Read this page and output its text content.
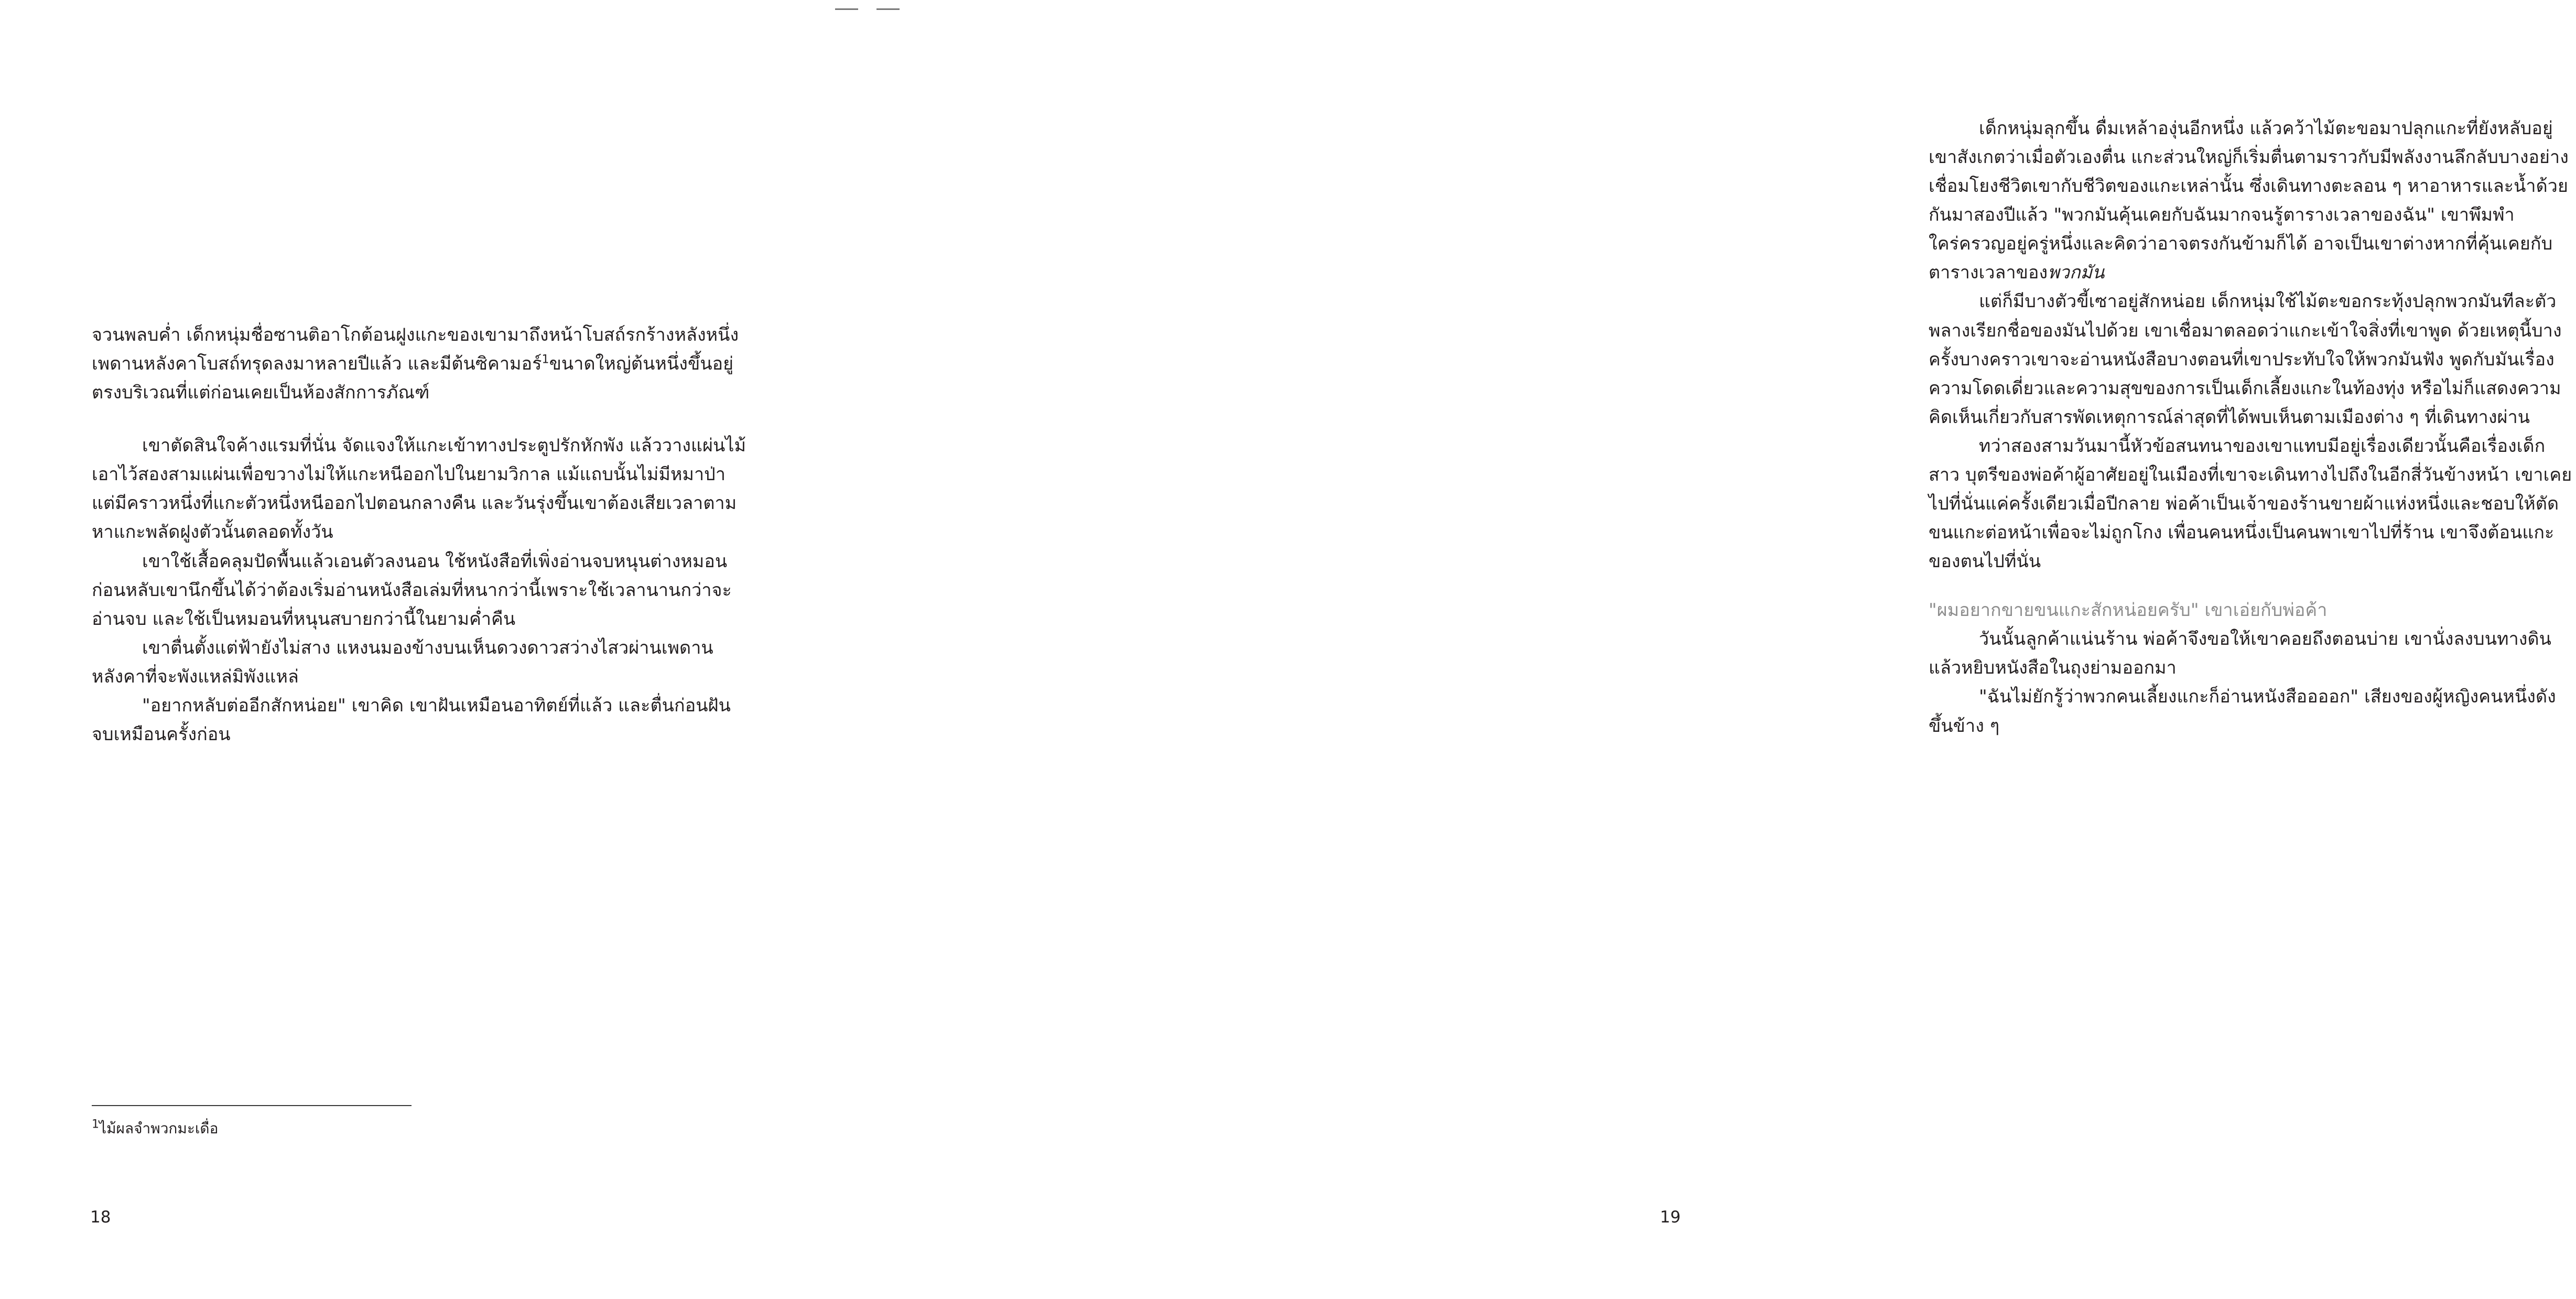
จวนพลบค่ำ เด็กหนุ่มชื่อซานติอาโกต้อนฝูงแกะของเขามาถึงหน้าโบสถ์รกร้างหลังหนึ่ง เพดานหลังคาโบสถ์ทรุดลงมาหลายปีแล้ว และมีต้นซิคามอร์$^1$ขนาดใหญ่ต้นหนึ่งขึ้นอยู่ตรงบริเวณที่แต่ก่อนเคยเป็นห้องสักการภัณฑ์

เขาตัดสินใจค้างแรมที่นั่น จัดแจงให้แกะเข้าทางประตูปรักหักพัง แล้ววางแผ่นไม้เอาไว้สองสามแผ่นเพื่อขวางไม่ให้แกะหนีออกไปในยามวิกาล แม้แถบนั้นไม่มีหมาป่า แต่มีคราวหนึ่งที่แกะตัวหนึ่งหนีออกไปตอนกลางคืน และวันรุ่งขึ้นเขาต้องเสียเวลาตามหาแกะพลัดฝูงตัวนั้นตลอดทั้งวัน

เขาใช้เสื้อคลุมปัดพื้นแล้วเอนตัวลงนอน ใช้หนังสือที่เพิ่งอ่านจบหนุนต่างหมอน ก่อนหลับเขานึกขึ้นได้ว่าต้องเริ่มอ่านหนังสือเล่มที่หนากว่านี้เพราะใช้เวลานานกว่าจะอ่านจบ และใช้เป็นหมอนที่หนุนสบายกว่านี้ในยามค่ำคืน

เขาตื่นตั้งแต่ฟ้ายังไม่สาง แหงนมองข้างบนเห็นดวงดาวสว่างไสวผ่านเพดานหลังคาที่จะพังแหล่มิพังแหล่

"อยากหลับต่ออีกสักหน่อย" เขาคิด เขาฝันเหมือนอาทิตย์ที่แล้ว และตื่นก่อนฝันจบเหมือนครั้งก่อน

$^1$ไม้ผลจำพวกมะเดื่อ
18

เด็กหนุ่มลุกขึ้น ดื่มเหล้าองุ่นอีกหนึ่ง แล้วคว้าไม้ตะขอมาปลุกแกะที่ยังหลับอยู่ เขาสังเกตว่าเมื่อตัวเองตื่น แกะส่วนใหญ่ก็เริ่มตื่นตามราวกับมีพลังงานลึกลับบางอย่างเชื่อมโยงชีวิตเขากับชีวิตของแกะเหล่านั้น ซึ่งเดินทางตะลอน ๆ หาอาหารและน้ำด้วยกันมาสองปีแล้ว "พวกมันคุ้นเคยกับฉันมากจนรู้ตารางเวลาของฉัน" เขาพึมพำ ใคร่ครวญอยู่ครู่หนึ่งและคิดว่าอาจตรงกันข้ามก็ได้ อาจเป็นเขาต่างหากที่คุ้นเคยกับตารางเวลาของพวกมัน

แต่ก็มีบางตัวขี้เซาอยู่สักหน่อย เด็กหนุ่มใช้ไม้ตะขอกระทุ้งปลุกพวกมันทีละตัวพลางเรียกชื่อของมันไปด้วย เขาเชื่อมาตลอดว่าแกะเข้าใจสิ่งที่เขาพูด ด้วยเหตุนี้บางครั้งบางคราวเขาจะอ่านหนังสือบางตอนที่เขาประทับใจให้พวกมันฟัง พูดกับมันเรื่องความโดดเดี่ยวและความสุขของการเป็นเด็กเลี้ยงแกะในท้องทุ่ง หรือไม่ก็แสดงความคิดเห็นเกี่ยวกับสารพัดเหตุการณ์ล่าสุดที่ได้พบเห็นตามเมืองต่าง ๆ ที่เดินทางผ่าน

ทว่าสองสามวันมานี้หัวข้อสนทนาของเขาแทบมีอยู่เรื่องเดียวนั้นคือเรื่องเด็กสาว บุตรีของพ่อค้าผู้อาศัยอยู่ในเมืองที่เขาจะเดินทางไปถึงในอีกสี่วันข้างหน้า เขาเคยไปที่นั่นแค่ครั้งเดียวเมื่อปีกลาย พ่อค้าเป็นเจ้าของร้านขายผ้าแห่งหนึ่งและชอบให้ตัดขนแกะต่อหน้าเพื่อจะไม่ถูกโกง เพื่อนคนหนึ่งเป็นคนพาเขาไปที่ร้าน เขาจึงต้อนแกะของตนไปที่นั่น

"ผมอยากขายขนแกะสักหน่อยครับ" เขาเอ่ยกับพ่อค้า

วันนั้นลูกค้าแน่นร้าน พ่อค้าจึงขอให้เขาคอยถึงตอนบ่าย เขานั่งลงบนทางดินแล้วหยิบหนังสือในถุงย่ามออกมา

"ฉันไม่ยักรู้ว่าพวกคนเลี้ยงแกะก็อ่านหนังสืออออก" เสียงของผู้หญิงคนหนึ่งดังขึ้นข้าง ๆ

19
